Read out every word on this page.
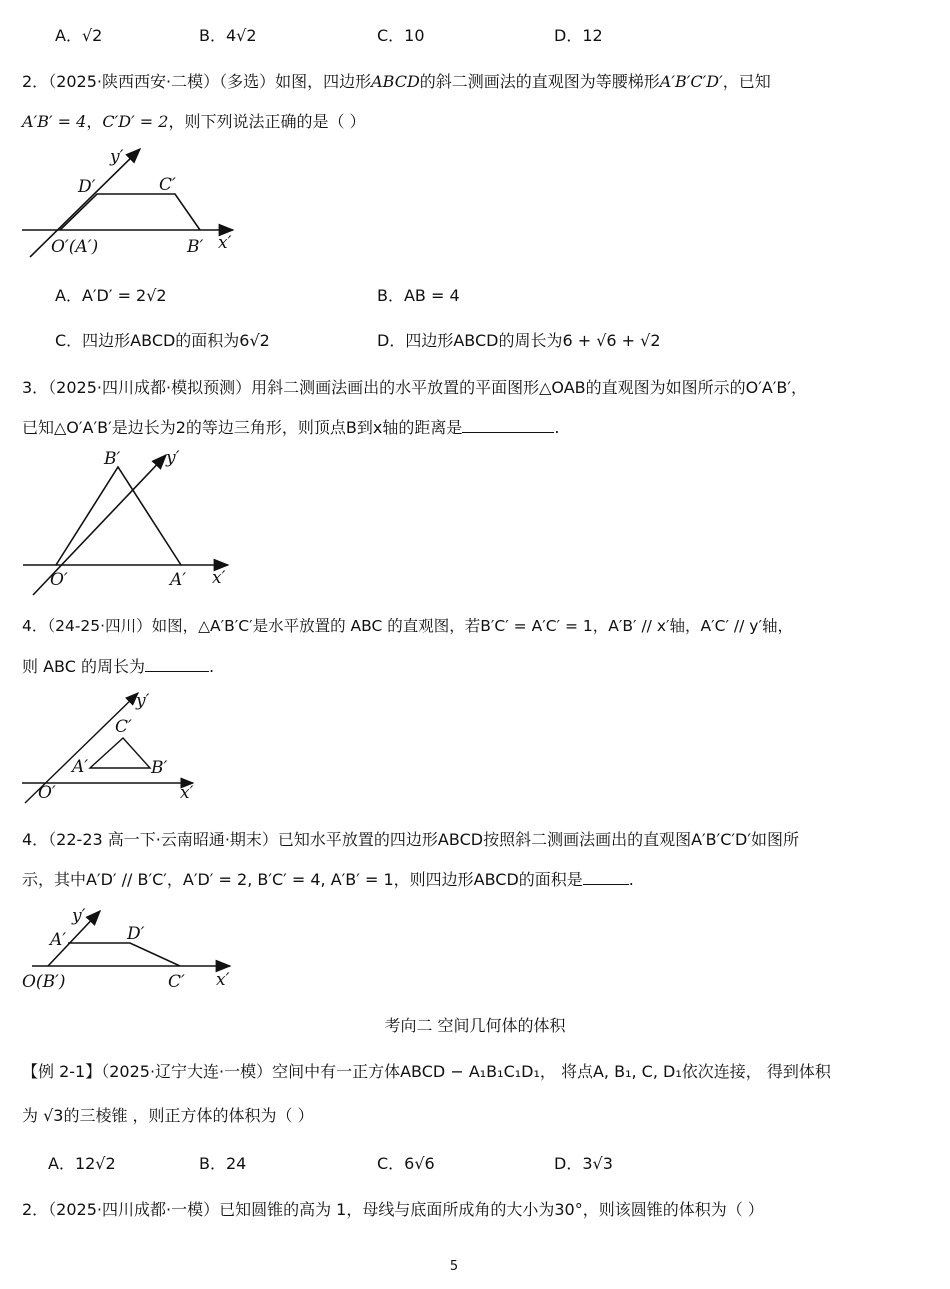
A．√2	B．4√2	C．10	D．12
2．（2025·陕西西安·二模）（多选）如图，四边形ABCD的斜二测画法的直观图为等腰梯形A′B′C′D′，已知
A′B′ = 4，C′D′ = 2，则下列说法正确的是（ ）
y′
D′	C′
O′(A′)	B′ x′
A．A′D′ = 2√2	B．AB = 4
C．四边形ABCD的面积为6√2	D．四边形ABCD的周长为6 + √6 + √2
3．（2025·四川成都·模拟预测）用斜二测画法画出的水平放置的平面图形△OAB的直观图为如图所示的O′A′B′，
已知△O′A′B′是边长为2的等边三角形，则顶点B到x轴的距离是	.
B′	y′
O′	A′ x′
4．（24-25·四川）如图，△A′B′C′是水平放置的 ABC 的直观图，若B′C′ = A′C′ = 1，A′B′ // x′轴，A′C′ // y′轴，
则 ABC 的周长为	.
y′
C′
A′	B′
O′	x′
4．（22-23 高一下·云南昭通·期末）已知水平放置的四边形ABCD按照斜二测画法画出的直观图A′B′C′D′如图所
示，其中A′D′ // B′C′，A′D′ = 2, B′C′ = 4, A′B′ = 1，则四边形ABCD的面积是	.
y′
A′	D′
O(B′)	C′ x′
考向二 空间几何体的体积
【例 2-1】（2025·辽宁大连·一模）空间中有一正方体ABCD − A₁B₁C₁D₁， 将点A, B₁, C, D₁依次连接， 得到体积
为 √3的三棱锥 ，则正方体的体积为（ ）
A．12√2	B．24	C．6√6	D．3√3
2．（2025·四川成都·一模）已知圆锥的高为 1，母线与底面所成角的大小为30°，则该圆锥的体积为（ ）
5
